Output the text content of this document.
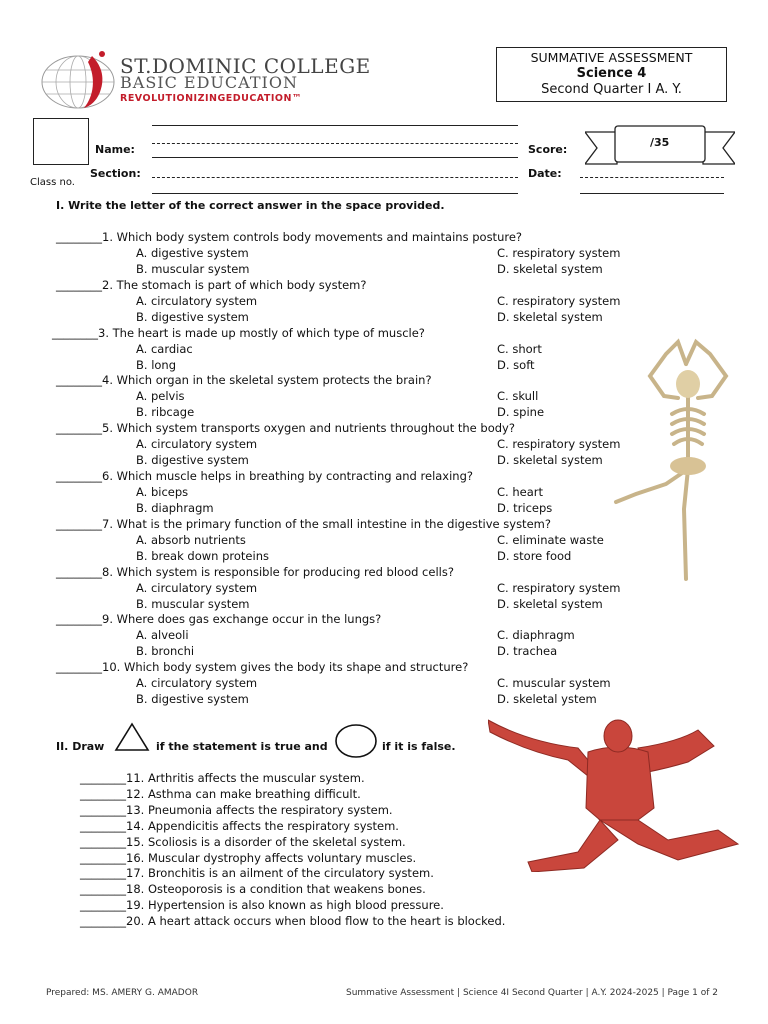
ST.DOMINIC COLLEGE
BASIC EDUCATION
REVOLUTIONIZINGEDUCATION™
SUMMATIVE ASSESSMENT
Science 4
Second Quarter I A. Y.
Class no.
Name:
Section:
Score:
Date:
/35
I. Write the letter of the correct answer in the space provided.
________1. Which body system controls body movements and maintains posture?
A. digestive system
B. muscular system
C. respiratory system
D. skeletal system
________2. The stomach is part of which body system?
A. circulatory system
B. digestive system
C. respiratory system
D. skeletal system
________3. The heart is made up mostly of which type of muscle?
A. cardiac
B. long
C. short
D. soft
________4. Which organ in the skeletal system protects the brain?
A. pelvis
B. ribcage
C. skull
D. spine
________5. Which system transports oxygen and nutrients throughout the body?
A. circulatory system
B. digestive system
C. respiratory system
D. skeletal system
________6. Which muscle helps in breathing by contracting and relaxing?
A. biceps
B. diaphragm
C. heart
D. triceps
________7. What is the primary function of the small intestine in the digestive system?
A. absorb nutrients
B. break down proteins
C. eliminate waste
D. store food
________8. Which system is responsible for producing red blood cells?
A. circulatory system
B. muscular system
C. respiratory system
D. skeletal system
________9. Where does gas exchange occur in the lungs?
A. alveoli
B. bronchi
C. diaphragm
D. trachea
________10. Which body system gives the body its shape and structure?
A. circulatory system
B. digestive system
C. muscular system
D. skeletal ystem
II. Draw	if the statement is true and	if it is false.
________11. Arthritis affects the muscular system.
________12. Asthma can make breathing difficult.
________13. Pneumonia affects the respiratory system.
________14. Appendicitis affects the respiratory system.
________15. Scoliosis is a disorder of the skeletal system.
________16. Muscular dystrophy affects voluntary muscles.
________17. Bronchitis is an ailment of the circulatory system.
________18. Osteoporosis is a condition that weakens bones.
________19. Hypertension is also known as high blood pressure.
________20. A heart attack occurs when blood flow to the heart is blocked.
Prepared: MS. AMERY G. AMADOR	Summative Assessment | Science 4I Second Quarter | A.Y. 2024-2025 | Page 1 of 2
